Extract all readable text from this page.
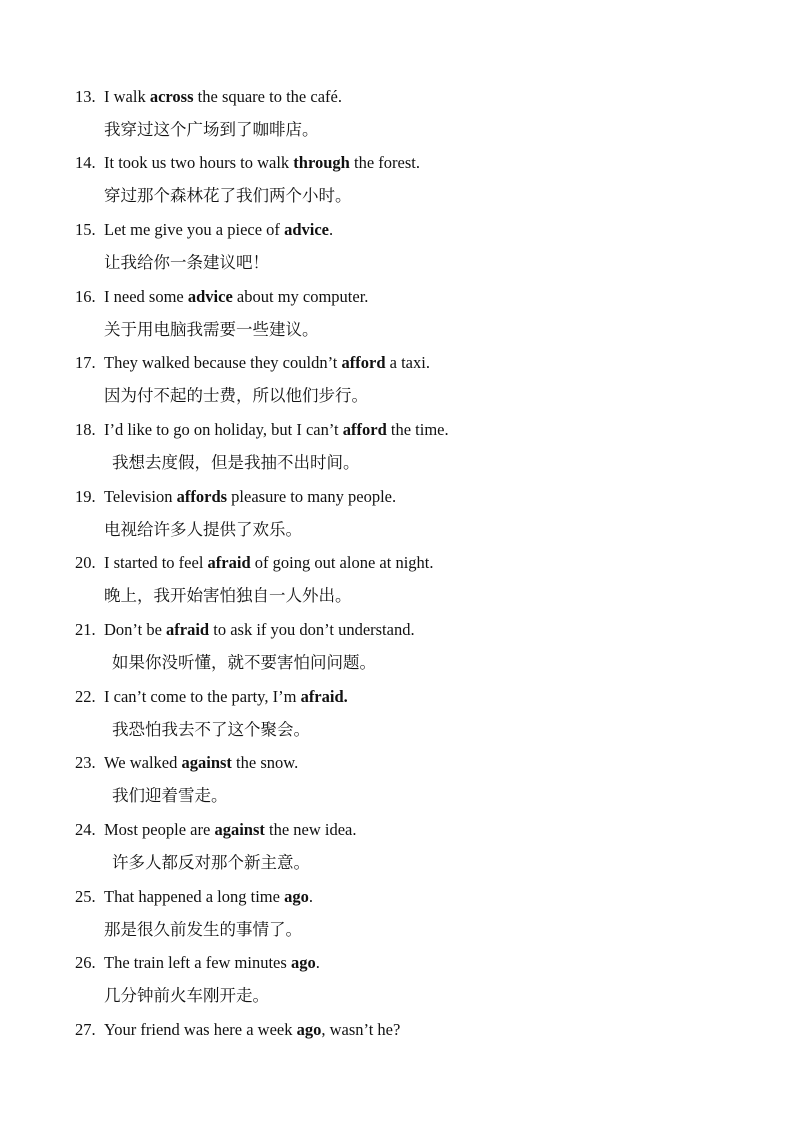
13. I walk across the square to the café.
我穿过这个广场到了咖啡店。
14. It took us two hours to walk through the forest.
穿过那个森林花了我们两个小时。
15. Let me give you a piece of advice.
让我给你一条建议吧！
16. I need some advice about my computer.
关于用电脑我需要一些建议。
17. They walked because they couldn’t afford a taxi.
因为付不起的士费，所以他们步行。
18. I’d like to go on holiday, but I can’t afford the time.
我想去度假，但是我抽不出时间。
19. Television affords pleasure to many people.
电视给许多人提供了欢乐。
20. I started to feel afraid of going out alone at night.
晚上，我开始害怕独自一人外出。
21. Don’t be afraid to ask if you don’t understand.
如果你没听懂，就不要害怕问问题。
22. I can’t come to the party, I’m afraid.
我恐怕我去不了这个聚会。
23. We walked against the snow.
我们迎着雪走。
24. Most people are against the new idea.
许多人都反对那个新主意。
25. That happened a long time ago.
那是很久前发生的事情了。
26. The train left a few minutes ago.
几分钟前火车刚开走。
27. Your friend was here a week ago, wasn’t he?
